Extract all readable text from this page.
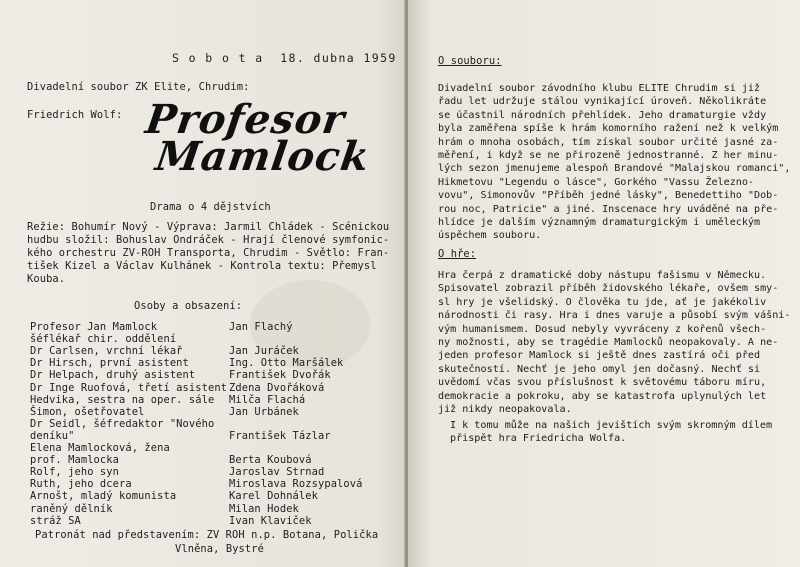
S o b o t a  18. dubna 1959
Divadelní soubor ZK Elite, Chrudim:
Friedrich Wolf: Profesor
Mamlock
Drama o 4 dějstvích
Režie: Bohumír Nový - Výprava: Jarmil Chládek - Scénickou
hudbu složil: Bohuslav Ondráček - Hrají členové symfonic-
kého orchestru ZV-ROH Transporta, Chrudim - Světlo: Fran-
tišek Kizel a Václav Kulhánek - Kontrola textu: Přemysl
Kouba.
Osoby a obsazení:
Profesor Jan Mamlock	Jan Flachý
šéflékař chir. oddělení
Dr Carlsen, vrchní lékař	Jan Juráček
Dr Hirsch, první asistent	Ing. Otto Maršálek
Dr Helpach, druhý asistent	František Dvořák
Dr Inge Ruofová, třetí asistent Zdena Dvořáková
Hedvika, sestra na oper. sále Milča Flachá
Šimon, ošetřovatel	Jan Urbánek
Dr Seidl, šéfredaktor "Nového
deníku"	František Tázlar
Elena Mamlocková, žena
prof. Mamlocka	Berta Koubová
Rolf, jeho syn	Jaroslav Strnad
Ruth, jeho dcera	Miroslava Rozsypalová
Arnošt, mladý komunista	Karel Dohnálek
raněný dělník	Milan Hodek
stráž SA	Ivan Klaviček
Patronát nad představením: ZV ROH n.p. Botana, Polička
Vlněna, Bystré
O souboru:
Divadelní soubor závodního klubu ELITE Chrudim si již
řadu let udržuje stálou vynikající úroveň. Několikráte
se účastnil národních přehlídek. Jeho dramaturgie vždy
byla zaměřena spíše k hrám komorního ražení než k velkým
hrám o mnoha osobách, tím získal soubor určité jasné za-
měření, i když se ne přirozeně jednostranné. Z her minu-
lých sezon jmenujeme alespoň Brandové "Malajskou romanci",
Hikmetovu "Legendu o lásce", Gorkého "Vassu Železno-
vovu", Simonovův "Příběh jedné lásky", Benedettiho "Dob-
rou noc, Patricie" a jiné. Inscenace hry uváděné na pře-
hlídce je dalším významným dramaturgickým i uměleckým
úspěchem souboru.
O hře:
Hra čerpá z dramatické doby nástupu fašismu v Německu.
Spisovatel zobrazil příběh židovského lékaře, ovšem smy-
sl hry je všelidský. O člověka tu jde, ať je jakékoliv
národnosti či rasy. Hra i dnes varuje a působí svým vášni-
vým humanismem. Dosud nebyly vyvráceny z kořenů všech-
ny možnosti, aby se tragédie Mamlocků neopakovaly. A ne-
jeden profesor Mamlock si ještě dnes zastírá oči před
skutečností. Nechť je jeho omyl jen dočasný. Nechť si
uvědomí včas svou příslušnost k světovému táboru míru,
demokracie a pokroku, aby se katastrofa uplynulých let
již nikdy neopakovala.
I k tomu může na našich jevištích svým skromným dílem
přispět hra Friedricha Wolfa.
